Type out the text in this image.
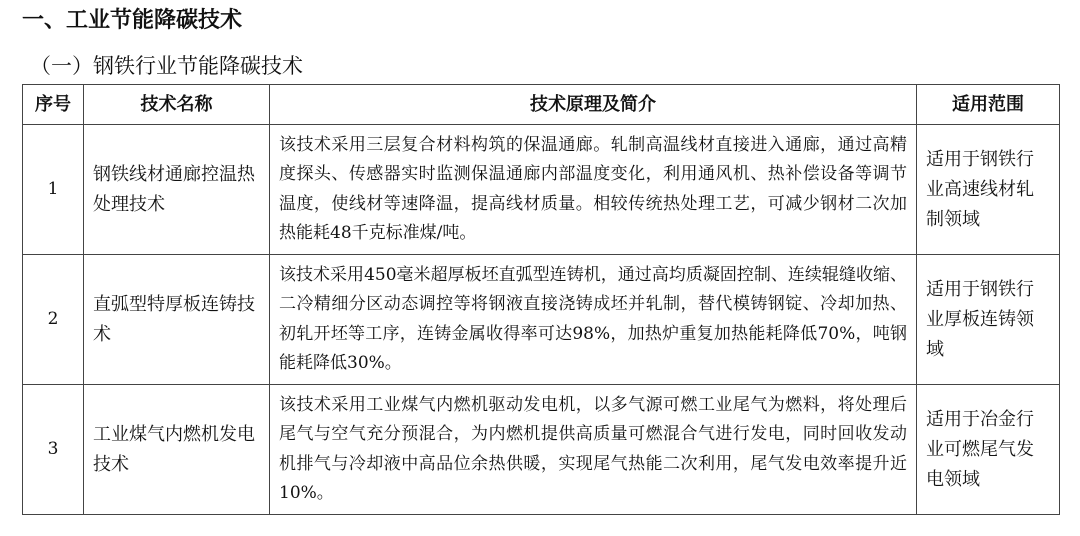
一、工业节能降碳技术
（一）钢铁行业节能降碳技术
序号	技术名称	技术原理及简介	适用范围
1	钢铁线材通廊控温热处理技术	该技术采用三层复合材料构筑的保温通廊。轧制高温线材直接进入通廊，通过高精度探头、传感器实时监测保温通廊内部温度变化，利用通风机、热补偿设备等调节温度，使线材等速降温，提高线材质量。相较传统热处理工艺，可减少钢材二次加热能耗48千克标准煤/吨。	适用于钢铁行业高速线材轧制领域
2	直弧型特厚板连铸技术	该技术采用450毫米超厚板坯直弧型连铸机，通过高均质凝固控制、连续辊缝收缩、二冷精细分区动态调控等将钢液直接浇铸成坯并轧制，替代模铸钢锭、冷却加热、初轧开坯等工序，连铸金属收得率可达98%，加热炉重复加热能耗降低70%，吨钢能耗降低30%。	适用于钢铁行业厚板连铸领域
3	工业煤气内燃机发电技术	该技术采用工业煤气内燃机驱动发电机，以多气源可燃工业尾气为燃料，将处理后尾气与空气充分预混合，为内燃机提供高质量可燃混合气进行发电，同时回收发动机排气与冷却液中高品位余热供暖，实现尾气热能二次利用，尾气发电效率提升近10%。	适用于冶金行业可燃尾气发电领域
